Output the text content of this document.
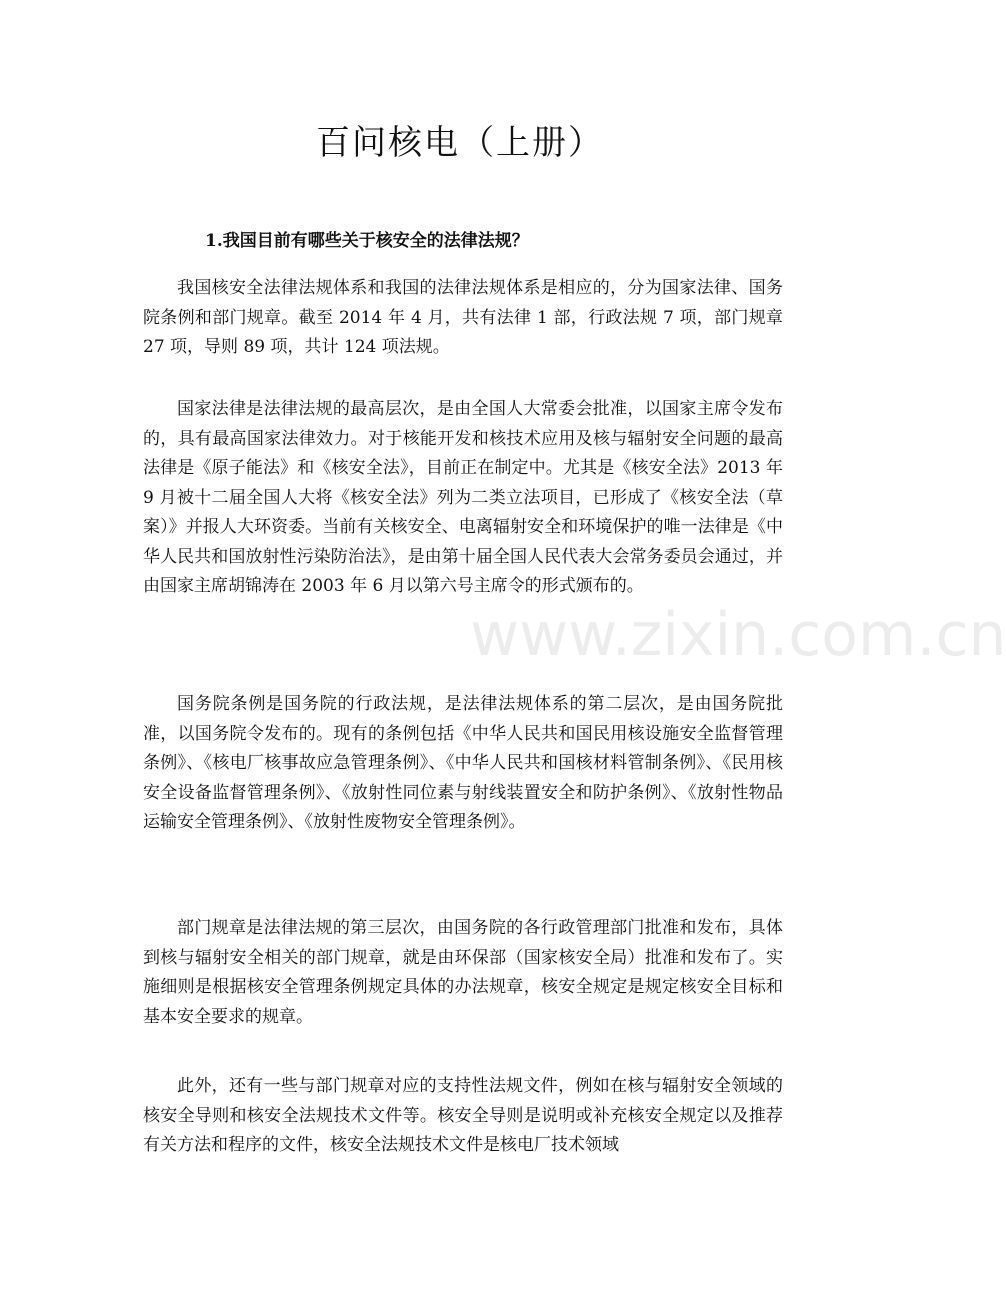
百问核电（上册）

1.我国目前有哪些关于核安全的法律法规？

我国核安全法律法规体系和我国的法律法规体系是相应的，分为国家法律、国务院条例和部门规章。截至 2014 年 4 月，共有法律 1 部，行政法规 7 项，部门规章 27 项，导则 89 项，共计 124 项法规。

国家法律是法律法规的最高层次，是由全国人大常委会批准，以国家主席令发布的，具有最高国家法律效力。对于核能开发和核技术应用及核与辐射安全问题的最高法律是《原子能法》和《核安全法》，目前正在制定中。尤其是《核安全法》2013 年 9 月被十二届全国人大将《核安全法》列为二类立法项目，已形成了《核安全法（草案）》并报人大环资委。当前有关核安全、电离辐射安全和环境保护的唯一法律是《中华人民共和国放射性污染防治法》，是由第十届全国人民代表大会常务委员会通过，并由国家主席胡锦涛在 2003 年 6 月以第六号主席令的形式颁布的。

国务院条例是国务院的行政法规，是法律法规体系的第二层次，是由国务院批准，以国务院令发布的。现有的条例包括《中华人民共和国民用核设施安全监督管理条例》、《核电厂核事故应急管理条例》、《中华人民共和国核材料管制条例》、《民用核安全设备监督管理条例》、《放射性同位素与射线装置安全和防护条例》、《放射性物品运输安全管理条例》、《放射性废物安全管理条例》。

部门规章是法律法规的第三层次，由国务院的各行政管理部门批准和发布，具体到核与辐射安全相关的部门规章，就是由环保部（国家核安全局）批准和发布了。实施细则是根据核安全管理条例规定具体的办法规章，核安全规定是规定核安全目标和基本安全要求的规章。

此外，还有一些与部门规章对应的支持性法规文件，例如在核与辐射安全领域的核安全导则和核安全法规技术文件等。核安全导则是说明或补充核安全规定以及推荐有关方法和程序的文件，核安全法规技术文件是核电厂技术领域

www.zixin.com.cn
